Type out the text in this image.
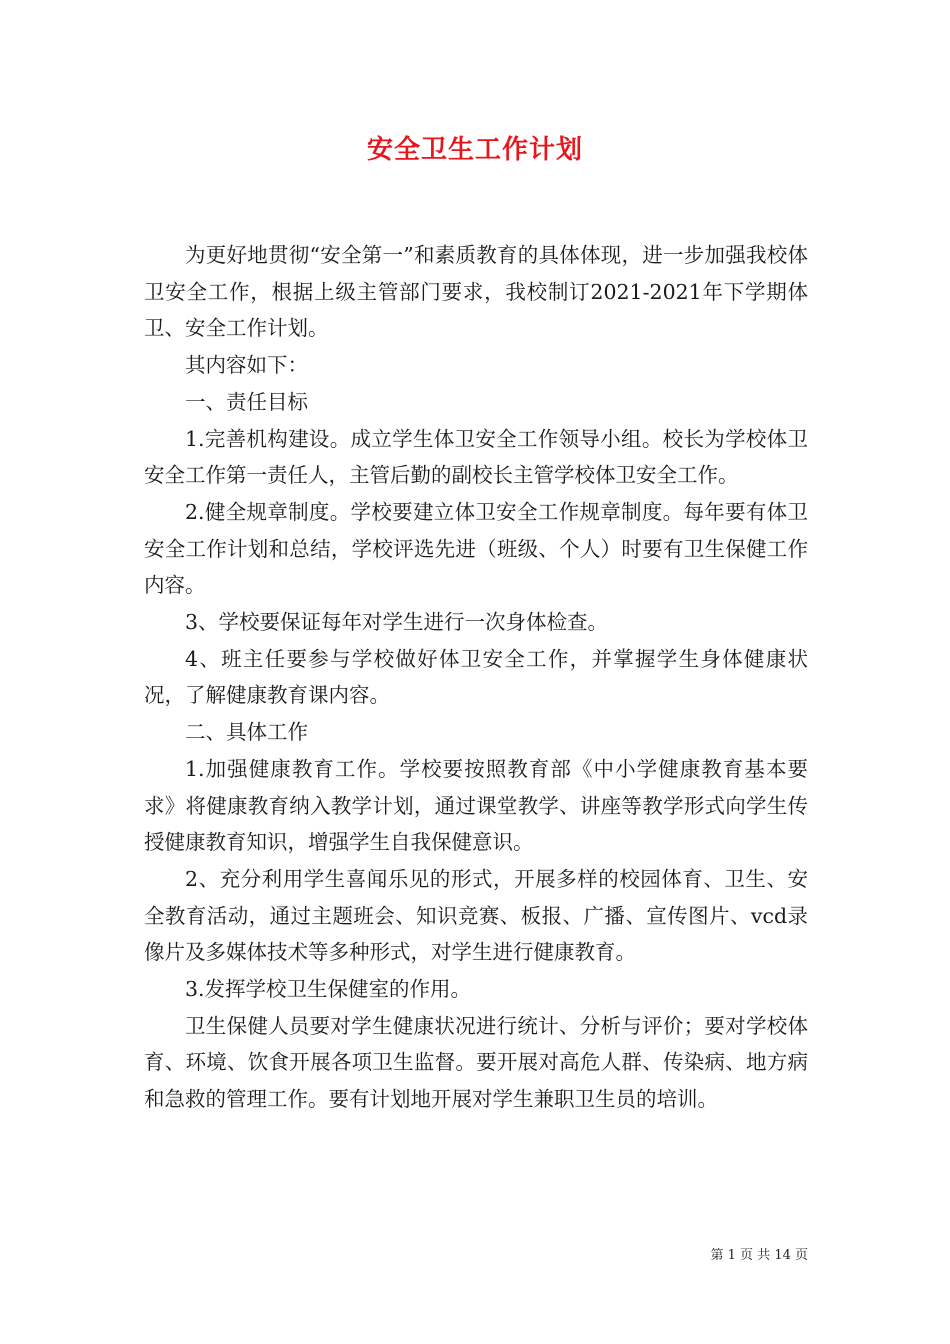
安全卫生工作计划

为更好地贯彻“安全第一”和素质教育的具体体现，进一步加强我校体卫安全工作，根据上级主管部门要求，我校制订2021-2021年下学期体卫、安全工作计划。

其内容如下：

一、责任目标

1.完善机构建设。成立学生体卫安全工作领导小组。校长为学校体卫安全工作第一责任人，主管后勤的副校长主管学校体卫安全工作。

2.健全规章制度。学校要建立体卫安全工作规章制度。每年要有体卫安全工作计划和总结，学校评选先进（班级、个人）时要有卫生保健工作内容。

3、学校要保证每年对学生进行一次身体检查。

4、班主任要参与学校做好体卫安全工作，并掌握学生身体健康状况，了解健康教育课内容。

二、具体工作

1.加强健康教育工作。学校要按照教育部《中小学健康教育基本要求》将健康教育纳入教学计划，通过课堂教学、讲座等教学形式向学生传授健康教育知识，增强学生自我保健意识。

2、充分利用学生喜闻乐见的形式，开展多样的校园体育、卫生、安全教育活动，通过主题班会、知识竞赛、板报、广播、宣传图片、vcd录像片及多媒体技术等多种形式，对学生进行健康教育。

3.发挥学校卫生保健室的作用。

卫生保健人员要对学生健康状况进行统计、分析与评价；要对学校体育、环境、饮食开展各项卫生监督。要开展对高危人群、传染病、地方病和急救的管理工作。要有计划地开展对学生兼职卫生员的培训。

第 1 页 共 14 页
